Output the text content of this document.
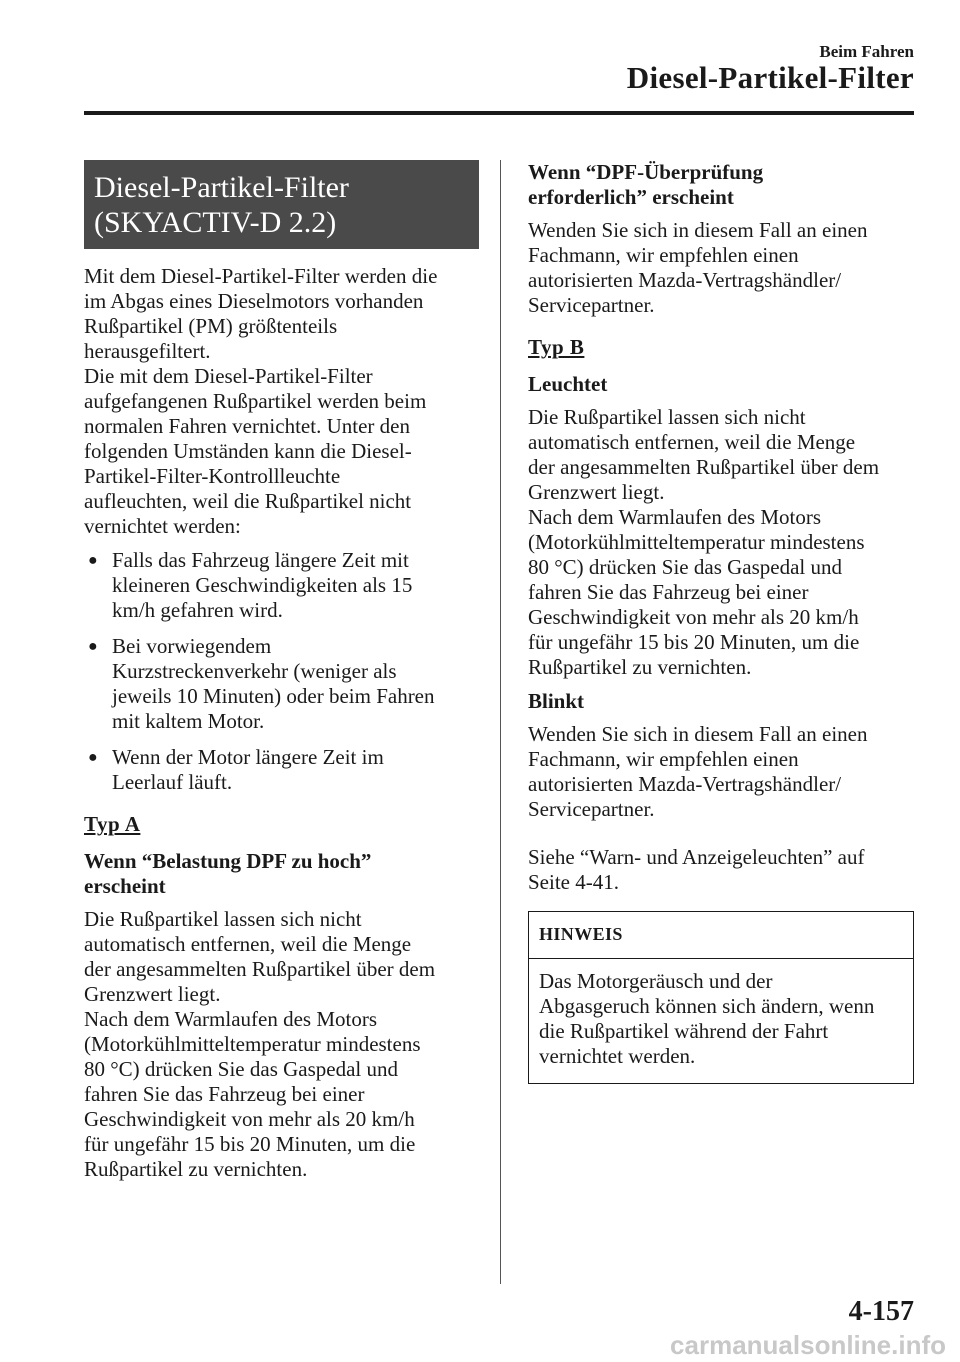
Beim Fahren
Diesel-Partikel-Filter
Diesel-Partikel-Filter
(SKYACTIV-D 2.2)
Mit dem Diesel-Partikel-Filter werden die
im Abgas eines Dieselmotors vorhanden
Rußpartikel (PM) größtenteils
herausgefiltert.
Die mit dem Diesel-Partikel-Filter
aufgefangenen Rußpartikel werden beim
normalen Fahren vernichtet. Unter den
folgenden Umständen kann die Diesel-
Partikel-Filter-Kontrollleuchte
aufleuchten, weil die Rußpartikel nicht
vernichtet werden:
● Falls das Fahrzeug längere Zeit mit
kleineren Geschwindigkeiten als 15
km/h gefahren wird.
● Bei vorwiegendem
Kurzstreckenverkehr (weniger als
jeweils 10 Minuten) oder beim Fahren
mit kaltem Motor.
● Wenn der Motor längere Zeit im
Leerlauf läuft.
Typ A
Wenn “Belastung DPF zu hoch”
erscheint
Die Rußpartikel lassen sich nicht
automatisch entfernen, weil die Menge
der angesammelten Rußpartikel über dem
Grenzwert liegt.
Nach dem Warmlaufen des Motors
(Motorkühlmitteltemperatur mindestens
80 °C) drücken Sie das Gaspedal und
fahren Sie das Fahrzeug bei einer
Geschwindigkeit von mehr als 20 km/h
für ungefähr 15 bis 20 Minuten, um die
Rußpartikel zu vernichten.
Wenn “DPF-Überprüfung
erforderlich” erscheint
Wenden Sie sich in diesem Fall an einen
Fachmann, wir empfehlen einen
autorisierten Mazda-Vertragshändler/
Servicepartner.
Typ B
Leuchtet
Die Rußpartikel lassen sich nicht
automatisch entfernen, weil die Menge
der angesammelten Rußpartikel über dem
Grenzwert liegt.
Nach dem Warmlaufen des Motors
(Motorkühlmitteltemperatur mindestens
80 °C) drücken Sie das Gaspedal und
fahren Sie das Fahrzeug bei einer
Geschwindigkeit von mehr als 20 km/h
für ungefähr 15 bis 20 Minuten, um die
Rußpartikel zu vernichten.
Blinkt
Wenden Sie sich in diesem Fall an einen
Fachmann, wir empfehlen einen
autorisierten Mazda-Vertragshändler/
Servicepartner.
Siehe “Warn- und Anzeigeleuchten” auf
Seite 4-41.
HINWEIS
Das Motorgeräusch und der
Abgasgeruch können sich ändern, wenn
die Rußpartikel während der Fahrt
vernichtet werden.
4-157
carmanualsonline.info
